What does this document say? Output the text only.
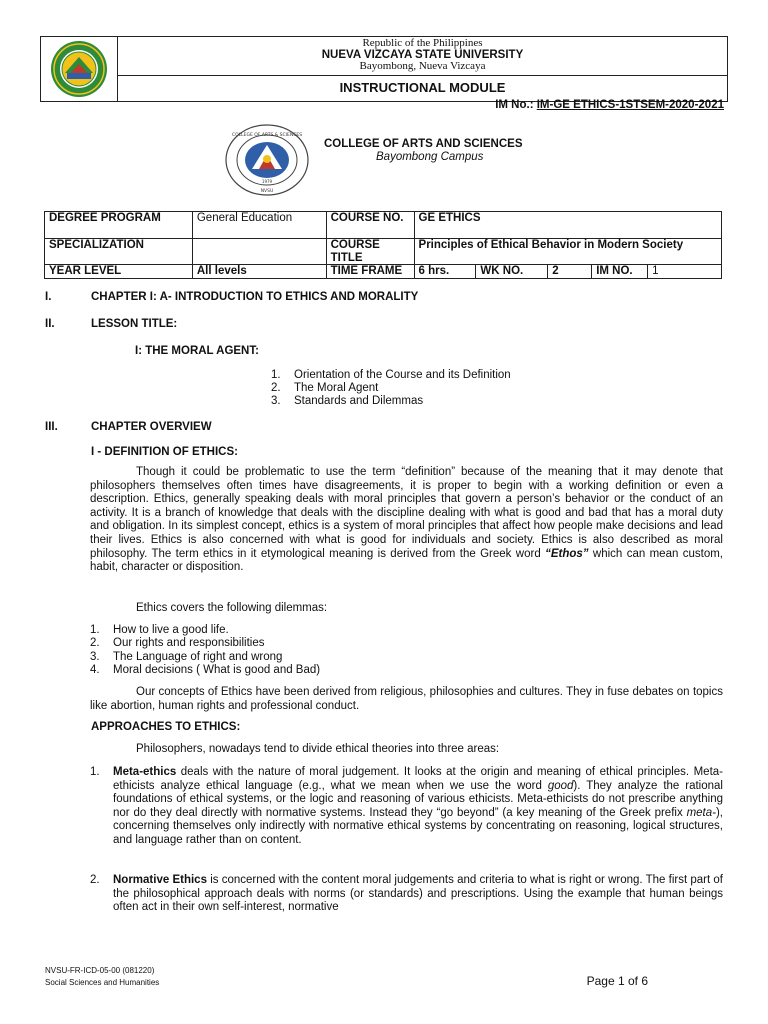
Republic of the Philippines
NUEVA VIZCAYA STATE UNIVERSITY
Bayombong, Nueva Vizcaya
INSTRUCTIONAL MODULE
IM No.: IM-GE ETHICS-1STSEM-2020-2021
COLLEGE OF ARTS & SCIENCES
1979
NVSU
COLLEGE OF ARTS AND SCIENCES
Bayombong Campus
DEGREE PROGRAM	General Education	COURSE NO.	GE ETHICS				
SPECIALIZATION		COURSE TITLE	Principles of Ethical Behavior in Modern Society				
YEAR LEVEL	All levels	TIME FRAME	6 hrs.	WK NO.	2	IM NO.	1
I.	CHAPTER I: A- INTRODUCTION TO ETHICS AND MORALITY
II.	LESSON TITLE:
I: THE MORAL AGENT:
1. Orientation of the Course and its Definition
2. The Moral Agent
3. Standards and Dilemmas
III.	CHAPTER OVERVIEW
I - DEFINITION OF ETHICS:

Though it could be problematic to use the term “definition” because of the meaning that it may denote that philosophers themselves often times have disagreements, it is proper to begin with a working definition or even a description. Ethics, generally speaking deals with moral principles that govern a person’s behavior or the conduct of an activity. It is a branch of knowledge that deals with the discipline dealing with what is good and bad that has a moral duty and obligation. In its simplest concept, ethics is a system of moral principles that affect how people make decisions and lead their lives. Ethics is also concerned with what is good for individuals and society. Ethics is also described as moral philosophy. The term ethics in it etymological meaning is derived from the Greek word “Ethos” which can mean custom, habit, character or disposition.

Ethics covers the following dilemmas:
1. How to live a good life.
2. Our rights and responsibilities
3. The Language of right and wrong
4. Moral decisions ( What is good and Bad)

Our concepts of Ethics have been derived from religious, philosophies and cultures. They in fuse debates on topics like abortion, human rights and professional conduct.

APPROACHES TO ETHICS:
Philosophers, nowadays tend to divide ethical theories into three areas:
1. Meta-ethics deals with the nature of moral judgement. It looks at the origin and meaning of ethical principles. Meta-ethicists analyze ethical language (e.g., what we mean when we use the word good). They analyze the rational foundations of ethical systems, or the logic and reasoning of various ethicists. Meta-ethicists do not prescribe anything nor do they deal directly with normative systems. Instead they “go beyond” (a key meaning of the Greek prefix meta-), concerning themselves only indirectly with normative ethical systems by concentrating on reasoning, logical structures, and language rather than on content.
2. Normative Ethics is concerned with the content moral judgements and criteria to what is right or wrong. The first part of the philosophical approach deals with norms (or standards) and prescriptions. Using the example that human beings often act in their own self-interest, normative
NVSU-FR-ICD-05-00 (081220)
Social Sciences and Humanities	Page 1 of 6
